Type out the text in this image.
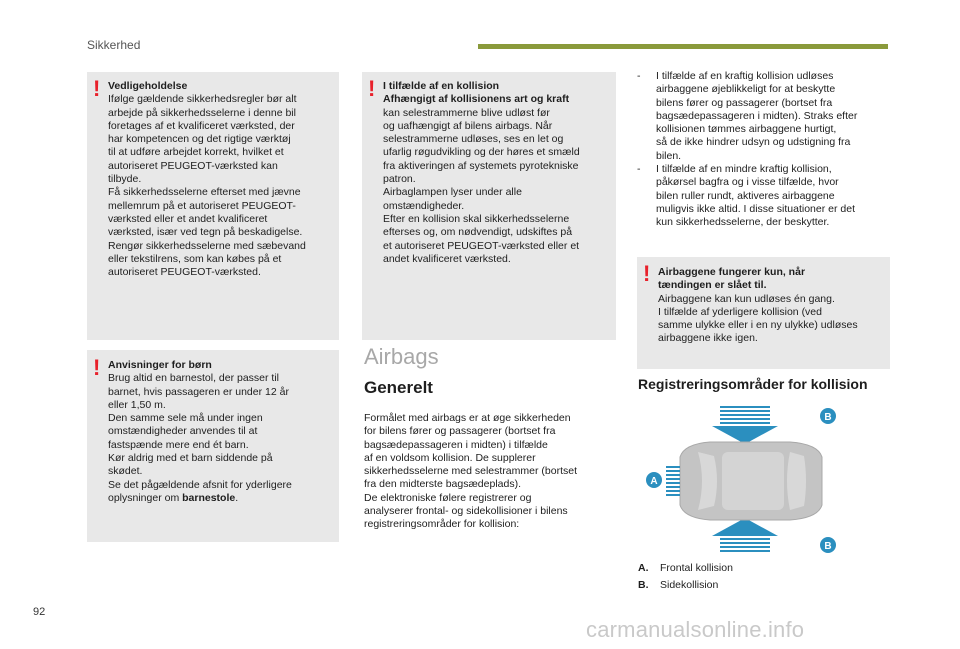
Sikkerhed
! Vedligeholdelse

Ifølge gældende sikkerhedsregler bør alt

arbejde på sikkerhedsselerne i denne bil

foretages af et kvalificeret værksted, der

har kompetencen og det rigtige værktøj

til at udføre arbejdet korrekt, hvilket et

autoriseret PEUGEOT-værksted kan

tilbyde.

Få sikkerhedsselerne efterset med jævne

mellemrum på et autoriseret PEUGEOT-

værksted eller et andet kvalificeret

værksted, især ved tegn på beskadigelse.

Rengør sikkerhedsselerne med sæbevand

eller tekstilrens, som kan købes på et

autoriseret PEUGEOT-værksted.

! Anvisninger for børn

Brug altid en barnestol, der passer til

barnet, hvis passageren er under 12 år

eller 1,50 m.

Den samme sele må under ingen

omstændigheder anvendes til at

fastspænde mere end ét barn.

Kør aldrig med et barn siddende på

skødet.

Se det pågældende afsnit for yderligere

oplysninger om barnestole.

! I tilfælde af en kollision

Afhængigt af kollisionens art og kraft

kan selestrammerne blive udløst før

og uafhængigt af bilens airbags. Når

selestrammerne udløses, ses en let og

ufarlig røgudvikling og der høres et smæld

fra aktiveringen af systemets pyrotekniske

patron.

Airbaglampen lyser under alle

omstændigheder.

Efter en kollision skal sikkerhedsselerne

efterses og, om nødvendigt, udskiftes på

et autoriseret PEUGEOT-værksted eller et

andet kvalificeret værksted.

Airbags
Generelt

Formålet med airbags er at øge sikkerheden

for bilens fører og passagerer (bortset fra

bagsædepassageren i midten) i tilfælde

af en voldsom kollision. De supplerer

sikkerhedsselerne med selestrammer (bortset

fra den midterste bagsædeplads).

De elektroniske følere registrerer og

analyserer frontal- og sidekollisioner i bilens

registreringsområder for kollision:

- I tilfælde af en kraftig kollision udløses

airbaggene øjeblikkeligt for at beskytte

bilens fører og passagerer (bortset fra

bagsædepassageren i midten). Straks efter

kollisionen tømmes airbaggene hurtigt,

så de ikke hindrer udsyn og udstigning fra

bilen.

- I tilfælde af en mindre kraftig kollision,

påkørsel bagfra og i visse tilfælde, hvor

bilen ruller rundt, aktiveres airbaggene

muligvis ikke altid. I disse situationer er det

kun sikkerhedsselerne, der beskytter.

! Airbaggene fungerer kun, når

tændingen er slået til.

Airbaggene kan kun udløses én gang.

I tilfælde af yderligere kollision (ved

samme ulykke eller i en ny ulykke) udløses

airbaggene ikke igen.

Registreringsområder for kollision
B
B
A
A. Frontal kollision
B. Sidekollision
92
carmanualsonline.info
